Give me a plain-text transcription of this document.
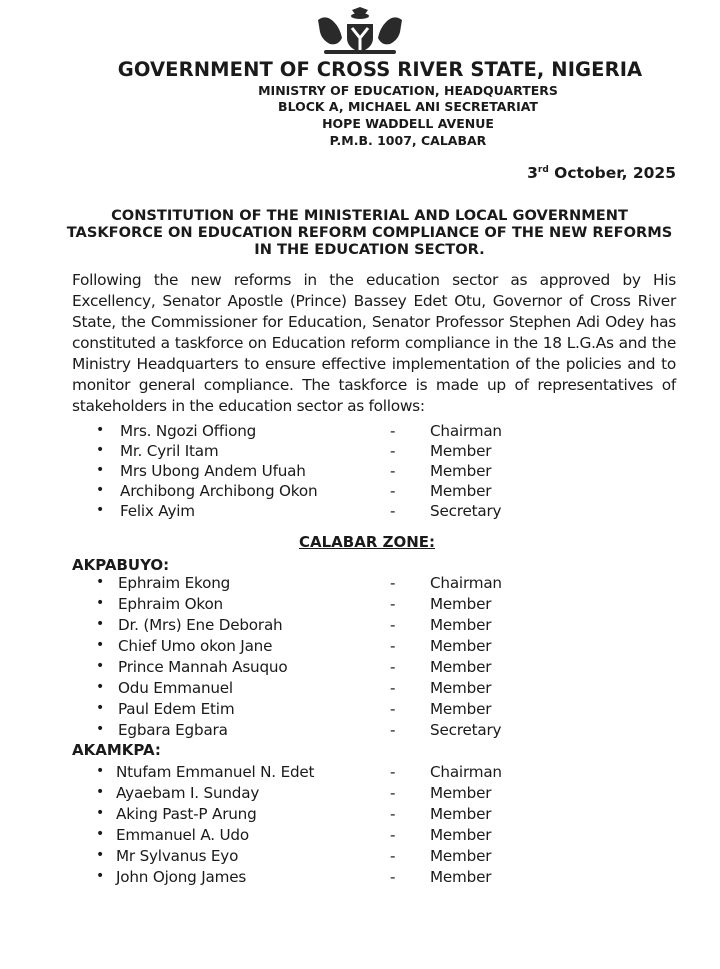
GOVERNMENT OF CROSS RIVER STATE, NIGERIA
MINISTRY OF EDUCATION, HEADQUARTERS
BLOCK A, MICHAEL ANI SECRETARIAT
HOPE WADDELL AVENUE
P.M.B. 1007, CALABAR
3rd October, 2025
CONSTITUTION OF THE MINISTERIAL AND LOCAL GOVERNMENT TASKFORCE ON EDUCATION REFORM COMPLIANCE OF THE NEW REFORMS IN THE EDUCATION SECTOR.
Following the new reforms in the education sector as approved by His Excellency, Senator Apostle (Prince) Bassey Edet Otu, Governor of Cross River State, the Commissioner for Education, Senator Professor Stephen Adi Odey has constituted a taskforce on Education reform compliance in the 18 L.G.As and the Ministry Headquarters to ensure effective implementation of the policies and to monitor general compliance. The taskforce is made up of representatives of stakeholders in the education sector as follows:
• Mrs. Ngozi Offiong	- Chairman
• Mr. Cyril Itam	- Member
• Mrs Ubong Andem Ufuah	- Member
• Archibong Archibong Okon	- Member
• Felix Ayim	- Secretary
CALABAR ZONE:
AKPABUYO:
• Ephraim Ekong	- Chairman
• Ephraim Okon	- Member
• Dr. (Mrs) Ene Deborah	- Member
• Chief Umo okon Jane	- Member
• Prince Mannah Asuquo	- Member
• Odu Emmanuel	- Member
• Paul Edem Etim	- Member
• Egbara Egbara	- Secretary
AKAMKPA:
• Ntufam Emmanuel N. Edet	- Chairman
• Ayaebam I. Sunday	- Member
• Aking Past-P Arung	- Member
• Emmanuel A. Udo	- Member
• Mr Sylvanus Eyo	- Member
• John Ojong James	- Member
